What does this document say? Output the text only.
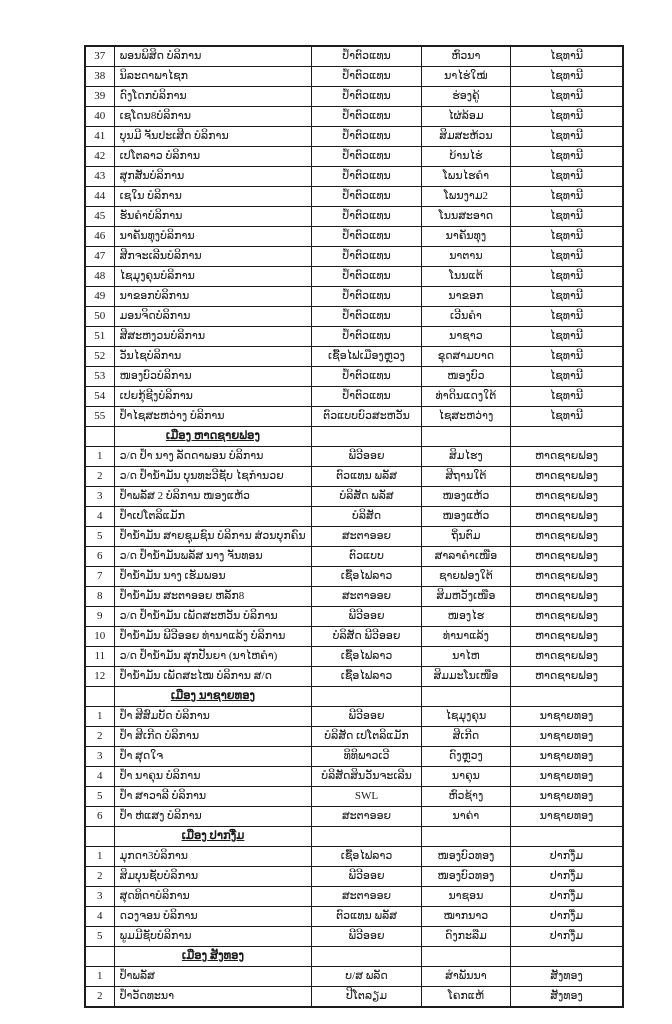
37	ພອນພິສິດ ບໍລິການ	ປ້ຳຕົວແທນ	ຫົວນາ	ໄຊທານີ
38	ນິລະດາພາໄຊກ	ປ້ຳຕົວແທນ	ນາໄຮ່ໃໝ່	ໄຊທານີ
39	ດົງໂດກບໍລິການ	ປ້ຳຕົວແທນ	ຮ່ອງຄູ້	ໄຊທານີ
40	ເຊໂດນ8ບໍລິການ	ປ້ຳຕົວແທນ	ໄຜ່ລ້ອມ	ໄຊທານີ
41	ບຸນມີ ຈັນປະເສີດ ບໍລິການ	ປ້ຳຕົວແທນ	ສິມສະຫ້ວນ	ໄຊທານີ
42	ເປໂຕລາວ ບໍລິການ	ປ້ຳຕົວແທນ	ບ້ານໄຮ່	ໄຊທານີ
43	ສຸກສັນບໍລິການ	ປ້ຳຕົວແທນ	ໂພນໄຮຄຳ	ໄຊທານີ
44	ເຊໃນ ບໍລິການ	ປ້ຳຕົວແທນ	ໂພນງາມ2	ໄຊທານີ
45	ຮັນຄຳບໍລິການ	ປ້ຳຕົວແທນ	ໂນນສະອາດ	ໄຊທານີ
46	ນາຄັນທຸງບໍລິການ	ປ້ຳຕົວແທນ	ນາຄັນທຸງ	ໄຊທານີ
47	ສີກຈະເລີນບໍລິການ	ປ້ຳຕົວແທນ	ນາຕານ	ໄຊທານີ
48	ໄຊມຸງຄຸນບໍລິການ	ປ້ຳຕົວແທນ	ໂນນແຕ້	ໄຊທານີ
49	ນາຂອກບໍລິການ	ປ້ຳຕົວແທນ	ນາຂອກ	ໄຊທານີ
50	ມອນຈິດບໍລິການ	ປ້ຳຕົວແທນ	ເວີນຄຳ	ໄຊທານີ
51	ສີສະຫງວນບໍລິການ	ປ້ຳຕົວແທນ	ນາຊາວ	ໄຊທານີ
52	ວັນໄຊບໍລິການ	ເຊື້ອໄຟເມືອງຫຼວງ	ຂຸດສາມບາດ	ໄຊທານີ
53	ໜອງບົວບໍລິການ	ປ້ຳຕົວແທນ	ໜອງບົວ	ໄຊທານີ
54	ເປຍກຸ້ຊີງບໍລິການ	ປ້ຳຕົວແທນ	ທ່າດິນແດງໃຕ້	ໄຊທານີ
55	ປ້ຳໄຊສະຫວ່າງ ບໍລິການ	ຕົວແບບບົວສະຫວັນ	ໄຊສະຫວ່າງ	ໄຊທານີ
	ເມືອງ ຫາດຊາຍຟອງ			
1	ວ/ດ ປ້ຳ ນາງ ລັດດາພອນ ບໍລິການ	ພີວີອອຍ	ສິມໄຮງ	ຫາດຊາຍຟອງ
2	ວ/ດ ປ້ຳນ້ຳມັນ ບຸນທະວີຊັບ ໄຊກຳນວຍ	ຕົວແທນ ພລັສ	ສີຖານໃຕ້	ຫາດຊາຍຟອງ
3	ປ້ຳພລັສ 2 ບໍລິການ ໜອງແຫ້ວ	ບໍລິສັດ ພລັສ	ໜອງແຫ້ວ	ຫາດຊາຍຟອງ
4	ປ້ຳເປໂຕລິແມັກ	ບໍລິສັດ	ໜອງແຫ້ວ	ຫາດຊາຍຟອງ
5	ປ້ຳນ້ຳມັນ ສາຍຊຸມຊົນ ບໍລິການ ສ່ວນບຸກຄົນ	ສະຕາອອຍ	ຖິ່ນຕົມ	ຫາດຊາຍຟອງ
6	ວ/ດ ປ້ຳນ້ຳມັນພລັສ ນາງ ຈັນທອນ	ຕົວແບບ	ສາລາຄຳເໜືອ	ຫາດຊາຍຟອງ
7	ປ້ຳນ້ຳມັນ ນາງ ເຮັມພອນ	ເຊື້ອໄຟລາວ	ຊາຍຟອງໃຕ້	ຫາດຊາຍຟອງ
8	ປ້ຳນ້ຳມັນ ສະຕາອອຍ ຫລັກ8	ສະຕາອອຍ	ສິມຫວັງເໜືອ	ຫາດຊາຍຟອງ
9	ວ/ດ ປ້ຳນ້ຳມັນ ເພັດສະຫວັນ ບໍລິການ	ພີວີອອຍ	ໜອງໄຮ	ຫາດຊາຍຟອງ
10	ປ້ຳນ້ຳມັນ ພີວີອອຍ ທ່ານາແລ້ງ ບໍລິການ	ບໍລິສັດ ພີວີອອຍ	ທ່ານາແລ້ງ	ຫາດຊາຍຟອງ
11	ວ/ດ ປ້ຳນ້ຳມັນ ສຸກປັນຍາ (ນາໄຫຄຳ)	ເຊື້ອໄຟລາວ	ນາໄຫ	ຫາດຊາຍຟອງ
12	ປ້ຳນ້ຳມັນ ເພັດສະໄໝ ບໍລິການ ສ/ດ	ເຊື້ອໄຟລາວ	ສິມມະໂນເໜືອ	ຫາດຊາຍຟອງ
	ເມືອງ ນາຊາຍທອງ			
1	ປ້ຳ ສີສົມບັດ ບໍລິການ	ພີວີອອຍ	ໄຊມຸງຄຸນ	ນາຊາຍທອງ
2	ປ້ຳ ສີເກີດ ບໍລິການ	ບໍລິສັດ ເປໂຕລິແມັກ	ສີເກີດ	ນາຊາຍທອງ
3	ປ້ຳ ສຸດໃຈ	ທິທິພາວເວີ	ດົງຫຼວງ	ນາຊາຍທອງ
4	ປ້ຳ ນາຄຸນ ບໍລິການ	ບໍລິສັດສິນວັນຈະເລີນ	ນາຄຸນ	ນາຊາຍທອງ
5	ປ້ຳ ສາວາລີ ບໍລິການ	SWL	ຫົວຊ້າງ	ນາຊາຍທອງ
6	ປ້ຳ ຫ່ແສງ ບໍລິການ	ສະຕາອອຍ	ນາຄ່າ	ນາຊາຍທອງ
	ເມືອງ ປາກງື່ມ			
1	ມຸກດາ3ບໍລິການ	ເຊື້ອໄຟລາວ	ໜອງບົວທອງ	ປາກງື່ມ
2	ສິມບຸນຊັບບໍລິການ	ພີວີອອຍ	ໜອງບົວທອງ	ປາກງື່ມ
3	ສຸດທິດາບໍລິການ	ສະຕາອອຍ	ນາຊອນ	ປາກງື່ມ
4	ດວງຈອນ ບໍລິການ	ຕົວແທນ ພລັສ	ໝາກນາວ	ປາກງື່ມ
5	ພູມມີຊັບບໍລິການ	ພີວີອອຍ	ດົງກະລືມ	ປາກງື່ມ
	ເມືອງ ສັງທອງ			
1	ປ້ຳພລັສ	ບ/ສ ພລັດ	ສຳພັນນາ	ສັງທອງ
2	ປ້ຳວັດທະນາ	ປີໂຕລຽມ	ໂຄກແຫ້	ສັງທອງ
